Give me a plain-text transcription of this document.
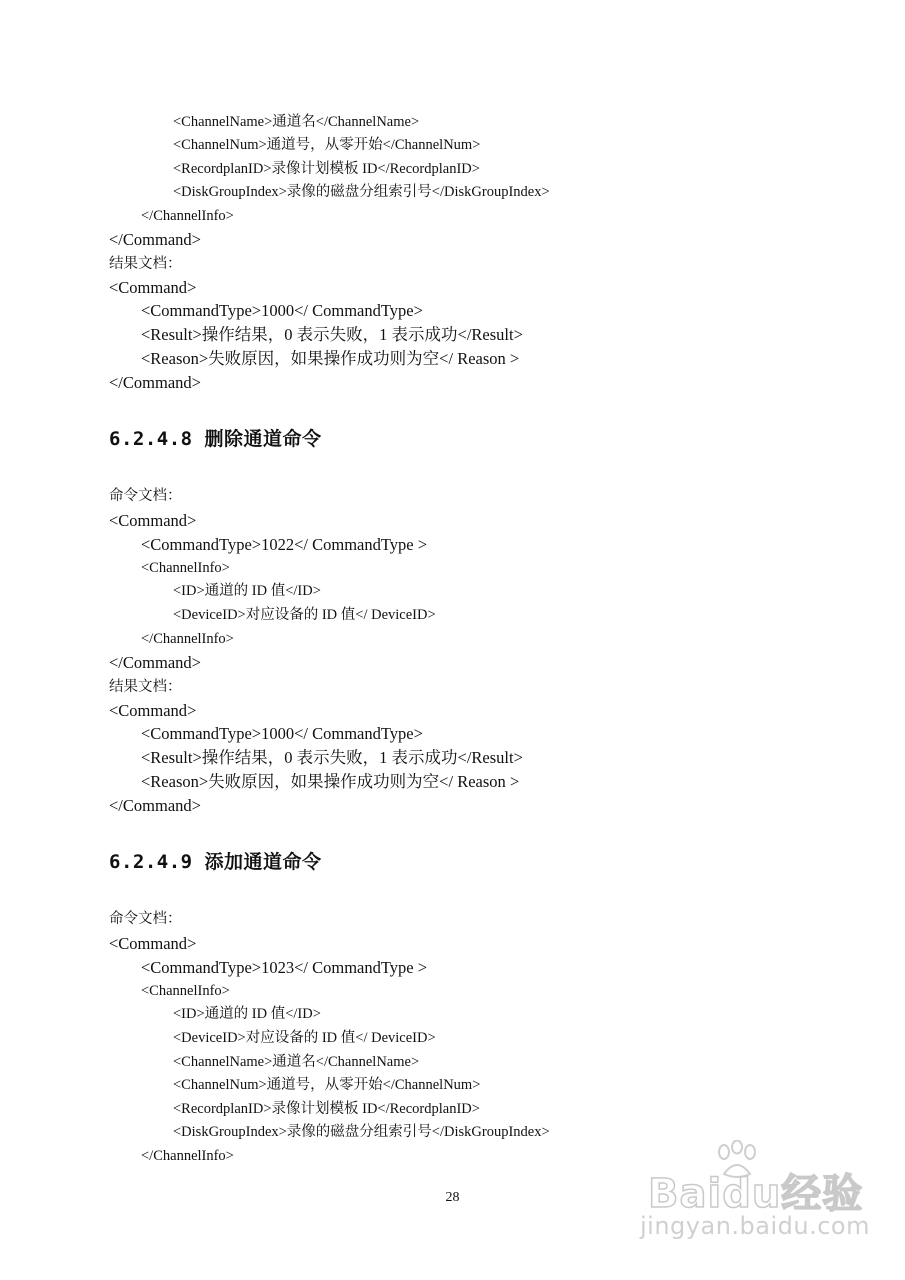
<ChannelName>通道名</ChannelName>
<ChannelNum>通道号，从零开始</ChannelNum>
<RecordplanID>录像计划模板 ID</RecordplanID>
<DiskGroupIndex>录像的磁盘分组索引号</DiskGroupIndex>
</ChannelInfo>
</Command>
结果文档：
<Command>
<CommandType>1000</ CommandType>
<Result>操作结果，0 表示失败，1 表示成功</Result>
<Reason>失败原因，如果操作成功则为空</ Reason >
</Command>
6.2.4.8 删除通道命令
命令文档：
<Command>
<CommandType>1022</ CommandType >
<ChannelInfo>
<ID>通道的 ID 值</ID>
<DeviceID>对应设备的 ID 值</ DeviceID>
</ChannelInfo>
</Command>
结果文档：
<Command>
<CommandType>1000</ CommandType>
<Result>操作结果，0 表示失败，1 表示成功</Result>
<Reason>失败原因，如果操作成功则为空</ Reason >
</Command>
6.2.4.9 添加通道命令
命令文档：
<Command>
<CommandType>1023</ CommandType >
<ChannelInfo>
<ID>通道的 ID 值</ID>
<DeviceID>对应设备的 ID 值</ DeviceID>
<ChannelName>通道名</ChannelName>
<ChannelNum>通道号，从零开始</ChannelNum>
<RecordplanID>录像计划模板 ID</RecordplanID>
<DiskGroupIndex>录像的磁盘分组索引号</DiskGroupIndex>
</ChannelInfo>
28	Baidu经验
jingyan.baidu.com
